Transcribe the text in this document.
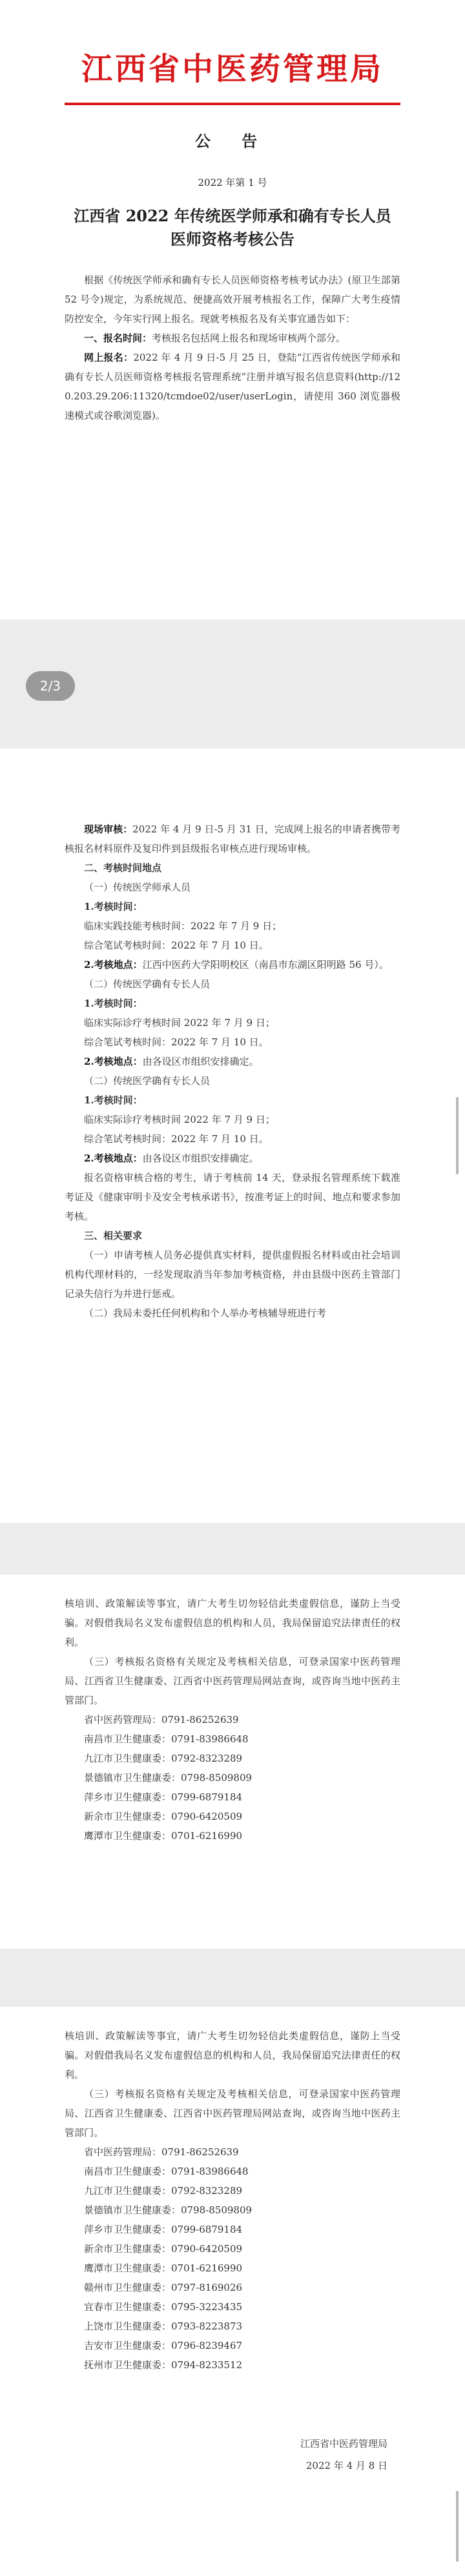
江西省中医药管理局
公 告
2022 年第 1 号
江西省 2022 年传统医学师承和确有专长人员
医师资格考核公告

根据《传统医学师承和确有专长人员医师资格考核考试办法》(原卫生部第 52 号令)规定，为系统规范、便捷高效开展考核报名工作，保障广大考生疫情防控安全，今年实行网上报名。现就考核报名及有关事宜通告如下：

一、报名时间：考核报名包括网上报名和现场审核两个部分。

网上报名：2022 年 4 月 9 日-5 月 25 日，登陆“江西省传统医学师承和确有专长人员医师资格考核报名管理系统”注册并填写报名信息资料(http://120.203.29.206:11320/tcmdoe02/user/userLogin，请使用 360 浏览器极速模式或谷歌浏览器)。

2/3

现场审核：2022 年 4 月 9 日-5 月 31 日，完成网上报名的申请者携带考核报名材料原件及复印件到县级报名审核点进行现场审核。

二、考核时间地点

（一）传统医学师承人员

1.考核时间：

临床实践技能考核时间：2022 年 7 月 9 日；

综合笔试考核时间：2022 年 7 月 10 日。

2.考核地点：江西中医药大学阳明校区（南昌市东湖区阳明路 56 号）。

（二）传统医学确有专长人员

1.考核时间：

临床实际诊疗考核时间 2022 年 7 月 9 日；

综合笔试考核时间：2022 年 7 月 10 日。

2.考核地点：由各设区市组织安排确定。

（二）传统医学确有专长人员

1.考核时间：

临床实际诊疗考核时间 2022 年 7 月 9 日；

综合笔试考核时间：2022 年 7 月 10 日。

2.考核地点：由各设区市组织安排确定。

报名资格审核合格的考生，请于考核前 14 天，登录报名管理系统下载准考证及《健康审明卡及安全考核承诺书》，按准考证上的时间、地点和要求参加考核。

三、相关要求

（一）申请考核人员务必提供真实材料，提供虚假报名材料或由社会培训机构代理材料的，一经发现取消当年参加考核资格，并由县级中医药主管部门记录失信行为并进行惩戒。

（二）我局未委托任何机构和个人举办考核辅导班进行考

核培训、政策解读等事宜，请广大考生切勿轻信此类虚假信息，谨防上当受骗。对假借我局名义发布虚假信息的机构和人员，我局保留追究法律责任的权利。

（三）考核报名资格有关规定及考核相关信息，可登录国家中医药管理局、江西省卫生健康委、江西省中医药管理局网站查询，或咨询当地中医药主管部门。

省中医药管理局：0791-86252639
南昌市卫生健康委：0791-83986648
九江市卫生健康委：0792-8323289
景德镇市卫生健康委：0798-8509809
萍乡市卫生健康委：0799-6879184
新余市卫生健康委：0790-6420509
鹰潭市卫生健康委：0701-6216990

核培训、政策解读等事宜，请广大考生切勿轻信此类虚假信息，谨防上当受骗。对假借我局名义发布虚假信息的机构和人员，我局保留追究法律责任的权利。

（三）考核报名资格有关规定及考核相关信息，可登录国家中医药管理局、江西省卫生健康委、江西省中医药管理局网站查询，或咨询当地中医药主管部门。

省中医药管理局：0791-86252639
南昌市卫生健康委：0791-83986648
九江市卫生健康委：0792-8323289
景德镇市卫生健康委：0798-8509809
萍乡市卫生健康委：0799-6879184
新余市卫生健康委：0790-6420509
鹰潭市卫生健康委：0701-6216990
赣州市卫生健康委：0797-8169026
宜春市卫生健康委：0795-3223435
上饶市卫生健康委：0793-8223873
吉安市卫生健康委：0796-8239467
抚州市卫生健康委：0794-8233512
江西省中医药管理局
2022 年 4 月 8 日
